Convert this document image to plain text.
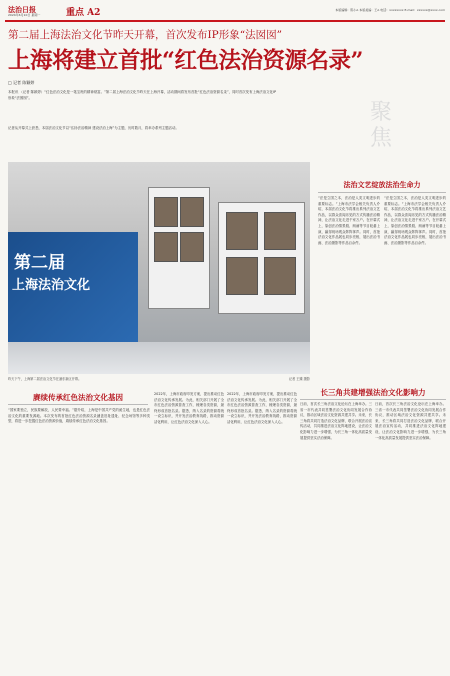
法治日报
2024年6月10日 星期一	重点 A2	本版编辑：陈小A 本版美编：王A 电话：xxxxxxxx E-mail：xxxxxx@xxxx.com
第二届上海法治文化节昨天开幕，首次发布IP形象“法囡囡”
上海将建立首批“红色法治资源名录”
□ 记者 陈颖婷
本报讯 （记者 陈颖婷）“红色法治文化是一笔宝贵的精神财富。”第二届上海法治文化节昨天在上海开幕，活动期间将发布首批“红色法治资源名录”，同时首次发布上海法治文化IP形象“法囡囡”。
记者从开幕式上获悉，本届法治文化节以“弘扬法治精神 建设法治上海”为主题，历时数月，将举办系列主题活动。
聚焦
第二届
上海法治文化
昨天下午，上海第二届法治文化节在浦东新区开幕。	记者 王臻 摄影
法治文艺绽放法治生命力
“法是立国之本，法治是人类文明进步的重要标志。”上海市法学会相关负责人介绍，本届法治文化节将推出系列法治文艺作品，以群众喜闻乐见的方式传播法治精神，让法治文化走进千家万户。在开幕式上，原创法治情景剧、朗诵等节目轮番上演，赢得现场观众阵阵掌声。同时，首批法治文化作品展也同步亮相，展出法治书画、法治摄影等作品百余件。
“法是立国之本，法治是人类文明进步的重要标志。”上海市法学会相关负责人介绍，本届法治文化节将推出系列法治文艺作品，以群众喜闻乐见的方式传播法治精神，让法治文化走进千家万户。在开幕式上，原创法治情景剧、朗诵等节目轮番上演，赢得现场观众阵阵掌声。同时，首批法治文化作品展也同步亮相，展出法治书画、法治摄影等作品百余件。
长三角共建增强法治文化影响力
日前，首次长三角法治文化论坛在上海举办。三省一市代表共同签署法治文化协同发展合作协议，推动区域法治文化资源共建共享。未来，长三角将共同打造法治文化品牌，联合开展法治宣传活动，共同推进法治文化阵地建设，让法治文化影响力进一步增强，为长三角一体化高质量发展提供坚实法治保障。
日前，首次长三角法治文化论坛在上海举办。三省一市代表共同签署法治文化协同发展合作协议，推动区域法治文化资源共建共享。未来，长三角将共同打造法治文化品牌，联合开展法治宣传活动，共同推进法治文化阵地建设，让法治文化影响力进一步增强，为长三角一体化高质量发展提供坚实法治保障。
赓续传承红色法治文化基因
“国家要独立，民族要解放，人民要幸福。”据介绍，上海是中国共产党的诞生地，也是红色法治文化的重要发源地。本次发布的首批红色法治资源名录涵盖旧址遗址、纪念场馆等多种类型，将进一步挖掘红色法治资源价值，赓续传承红色法治文化基因。
2022年，上海市政府印发方案，提出推动红色法治文化传承发展。为此，相关部门开展了全市红色法治资源普查工作，梳理各类资源，最终形成首批名录。据悉，纳入名录的资源将统一设立标识，并开发法治教育线路，推动资源活化利用，让红色法治文化深入人心。
2022年，上海市政府印发方案，提出推动红色法治文化传承发展。为此，相关部门开展了全市红色法治资源普查工作，梳理各类资源，最终形成首批名录。据悉，纳入名录的资源将统一设立标识，并开发法治教育线路，推动资源活化利用，让红色法治文化深入人心。
